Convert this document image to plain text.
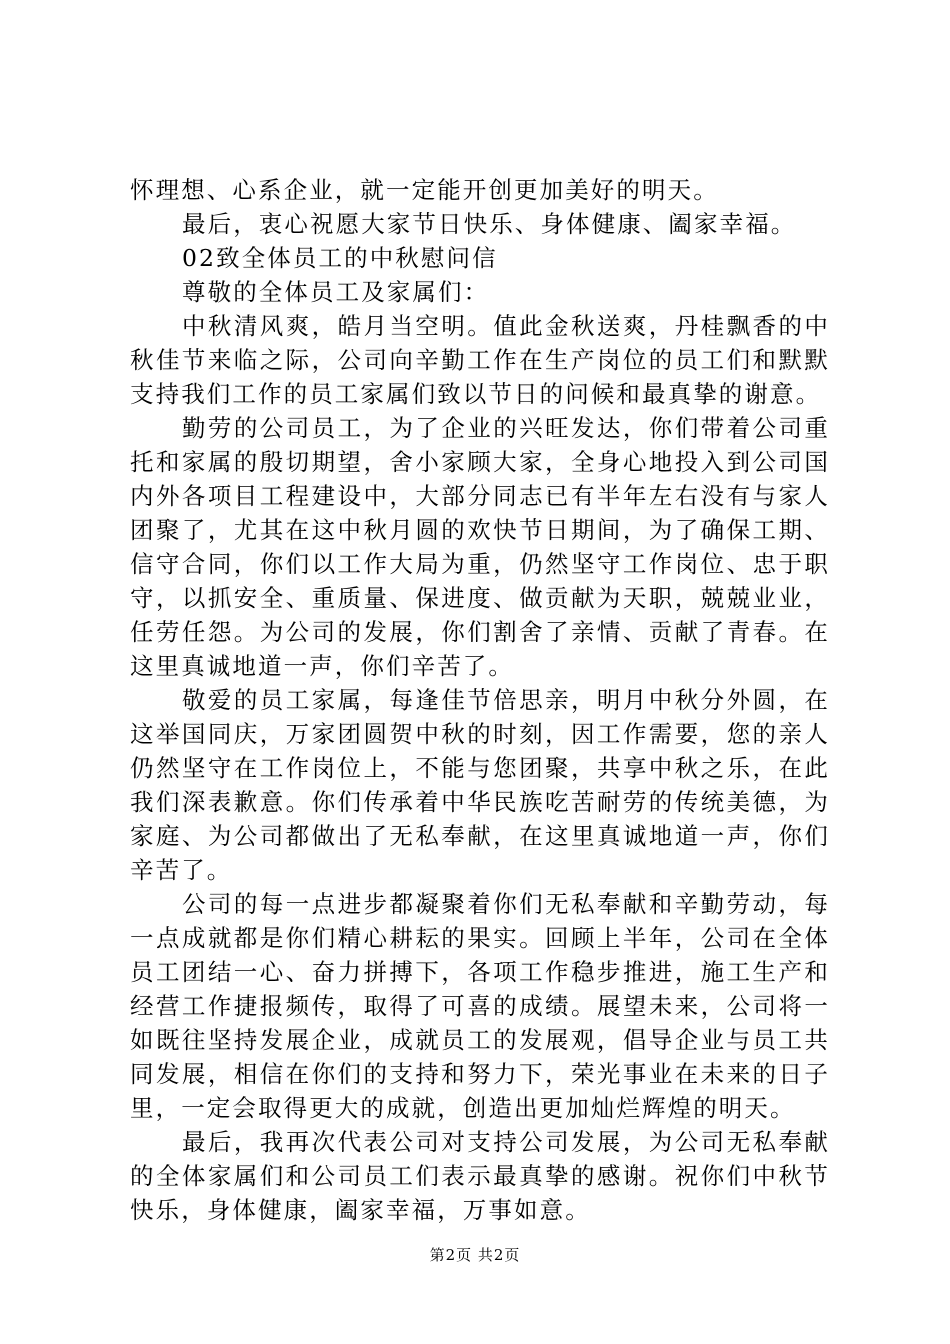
怀理想、心系企业，就一定能开创更加美好的明天。

最后，衷心祝愿大家节日快乐、身体健康、阖家幸福。

02致全体员工的中秋慰问信

尊敬的全体员工及家属们：

中秋清风爽，皓月当空明。值此金秋送爽，丹桂飘香的中秋佳节来临之际，公司向辛勤工作在生产岗位的员工们和默默支持我们工作的员工家属们致以节日的问候和最真挚的谢意。

勤劳的公司员工，为了企业的兴旺发达，你们带着公司重托和家属的殷切期望，舍小家顾大家，全身心地投入到公司国内外各项目工程建设中，大部分同志已有半年左右没有与家人团聚了，尤其在这中秋月圆的欢快节日期间，为了确保工期、信守合同，你们以工作大局为重，仍然坚守工作岗位、忠于职守，以抓安全、重质量、保进度、做贡献为天职，兢兢业业，任劳任怨。为公司的发展，你们割舍了亲情、贡献了青春。在这里真诚地道一声，你们辛苦了。

敬爱的员工家属，每逢佳节倍思亲，明月中秋分外圆，在这举国同庆，万家团圆贺中秋的时刻，因工作需要，您的亲人仍然坚守在工作岗位上，不能与您团聚，共享中秋之乐，在此我们深表歉意。你们传承着中华民族吃苦耐劳的传统美德，为家庭、为公司都做出了无私奉献，在这里真诚地道一声，你们辛苦了。

公司的每一点进步都凝聚着你们无私奉献和辛勤劳动，每一点成就都是你们精心耕耘的果实。回顾上半年，公司在全体员工团结一心、奋力拼搏下，各项工作稳步推进，施工生产和经营工作捷报频传，取得了可喜的成绩。展望未来，公司将一如既往坚持发展企业，成就员工的发展观，倡导企业与员工共同发展，相信在你们的支持和努力下，荣光事业在未来的日子里，一定会取得更大的成就，创造出更加灿烂辉煌的明天。

最后，我再次代表公司对支持公司发展，为公司无私奉献的全体家属们和公司员工们表示最真挚的感谢。祝你们中秋节快乐，身体健康，阖家幸福，万事如意。

第2页 共2页
